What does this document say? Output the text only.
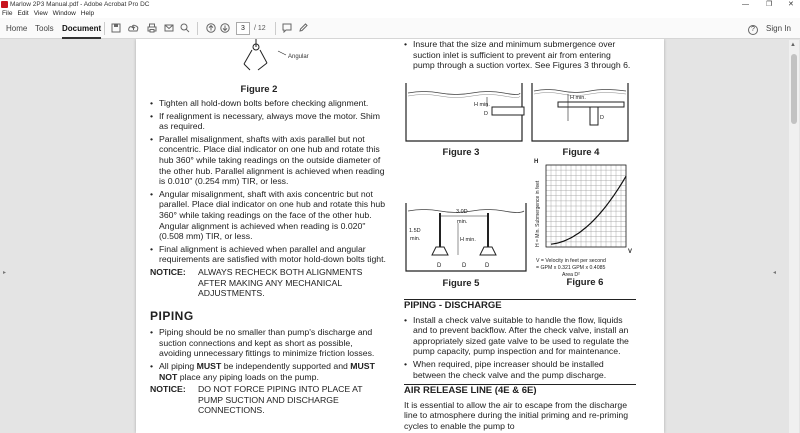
Marlow 2P3 Manual.pdf - Adobe Acrobat Pro DC	— ❐ ✕
File Edit View Window Help
Home Tools Document	3	/ 12	?	Sign In
▸
Angular
Figure 2
• Tighten all hold-down bolts before checking alignment.
• If realignment is necessary, always move the motor. Shim as required.
• Parallel misalignment, shafts with axis parallel but not concentric. Place dial indicator on one hub and rotate this hub 360° while taking readings on the outside diameter of the other hub. Parallel alignment is achieved when reading is 0.010" (0.254 mm) TIR, or less.
• Angular misalignment, shaft with axis concentric but not parallel. Place dial indicator on one hub and rotate this hub 360° while taking readings on the face of the other hub. Angular alignment is achieved when reading is 0.020" (0.508 mm) TIR, or less.
• Final alignment is achieved when parallel and angular requirements are satisfied with motor hold-down bolts tight.
NOTICE:	ALWAYS RECHECK BOTH ALIGNMENTS AFTER MAKING ANY MECHANICAL ADJUSTMENTS.
PIPING
• Piping should be no smaller than pump's discharge and suction connections and kept as short as possible, avoiding unnecessary fittings to minimize friction losses.
• All piping MUST be independently supported and MUST NOT place any piping loads on the pump.
NOTICE:	DO NOT FORCE PIPING INTO PLACE AT PUMP SUCTION AND DISCHARGE CONNECTIONS.
• Insure that the size and minimum submergence over suction inlet is sufficient to prevent air from entering pump through a suction vortex. See Figures 3 through 6.
H min.
D
Figure 3
H min.
D
Figure 4
3.0D
min.
1.5D
min.	H min.
D	D
D
Figure 5
H
H = Min. Submergence in feet
V
V = Velocity in feet per second
= GPM x 0.321 GPM x 0.4085
Area D²
Figure 6
PIPING - DISCHARGE
• Install a check valve suitable to handle the flow, liquids and to prevent backflow. After the check valve, install an appropriately sized gate valve to be used to regulate the pump capacity, pump inspection and for maintenance.
• When required, pipe increaser should be installed between the check valve and the pump discharge.
AIR RELEASE LINE (4E & 6E)
It is essential to allow the air to escape from the discharge line to atmosphere during the initial priming and re-priming cycles to enable the pump to
◂
▲
